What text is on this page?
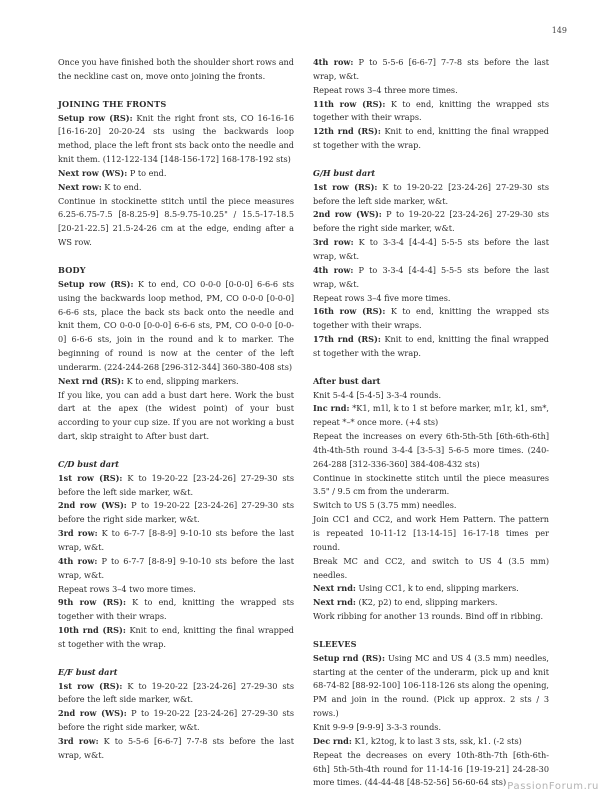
149

Once you have finished both the shoulder short rows and the neckline cast on, move onto joining the fronts.

JOINING THE FRONTS

Setup row (RS): Knit the right front sts, CO 16-16-16 [16-16-20] 20-20-24 sts using the backwards loop method, place the left front sts back onto the needle and knit them. (112-122-134 [148-156-172] 168-178-192 sts)

Next row (WS): P to end.

Next row: K to end.

Continue in stockinette stitch until the piece measures 6.25-6.75-7.5 [8-8.25-9] 8.5-9.75-10.25" / 15.5-17-18.5 [20-21-22.5] 21.5-24-26 cm at the edge, ending after a WS row.

BODY

Setup row (RS): K to end, CO 0-0-0 [0-0-0] 6-6-6 sts using the backwards loop method, PM, CO 0-0-0 [0-0-0] 6-6-6 sts, place the back sts back onto the needle and knit them, CO 0-0-0 [0-0-0] 6-6-6 sts, PM, CO 0-0-0 [0-0-0] 6-6-6 sts, join in the round and k to marker. The beginning of round is now at the center of the left underarm. (224-244-268 [296-312-344] 360-380-408 sts)

Next rnd (RS): K to end, slipping markers.

If you like, you can add a bust dart here. Work the bust dart at the apex (the widest point) of your bust according to your cup size. If you are not working a bust dart, skip straight to After bust dart.

C/D bust dart

1st row (RS): K to 19-20-22 [23-24-26] 27-29-30 sts before the left side marker, w&t.

2nd row (WS): P to 19-20-22 [23-24-26] 27-29-30 sts before the right side marker, w&t.

3rd row: K to 6-7-7 [8-8-9] 9-10-10 sts before the last wrap, w&t.

4th row: P to 6-7-7 [8-8-9] 9-10-10 sts before the last wrap, w&t.

Repeat rows 3–4 two more times.

9th row (RS): K to end, knitting the wrapped sts together with their wraps.

10th rnd (RS): Knit to end, knitting the final wrapped st together with the wrap.

E/F bust dart

1st row (RS): K to 19-20-22 [23-24-26] 27-29-30 sts before the left side marker, w&t.

2nd row (WS): P to 19-20-22 [23-24-26] 27-29-30 sts before the right side marker, w&t.

3rd row: K to 5-5-6 [6-6-7] 7-7-8 sts before the last wrap, w&t.

4th row: P to 5-5-6 [6-6-7] 7-7-8 sts before the last wrap, w&t.

Repeat rows 3–4 three more times.

11th row (RS): K to end, knitting the wrapped sts together with their wraps.

12th rnd (RS): Knit to end, knitting the final wrapped st together with the wrap.

G/H bust dart

1st row (RS): K to 19-20-22 [23-24-26] 27-29-30 sts before the left side marker, w&t.

2nd row (WS): P to 19-20-22 [23-24-26] 27-29-30 sts before the right side marker, w&t.

3rd row: K to 3-3-4 [4-4-4] 5-5-5 sts before the last wrap, w&t.

4th row: P to 3-3-4 [4-4-4] 5-5-5 sts before the last wrap, w&t.

Repeat rows 3–4 five more times.

16th row (RS): K to end, knitting the wrapped sts together with their wraps.

17th rnd (RS): Knit to end, knitting the final wrapped st together with the wrap.

After bust dart

Knit 5-4-4 [5-4-5] 3-3-4 rounds.

Inc rnd: *K1, m1l, k to 1 st before marker, m1r, k1, sm*, repeat *–* once more. (+4 sts)

Repeat the increases on every 6th-5th-5th [6th-6th-6th] 4th-4th-5th round 3-4-4 [3-5-3] 5-6-5 more times. (240-264-288 [312-336-360] 384-408-432 sts)

Continue in stockinette stitch until the piece measures 3.5" / 9.5 cm from the underarm.

Switch to US 5 (3.75 mm) needles.

Join CC1 and CC2, and work Hem Pattern. The pattern is repeated 10-11-12 [13-14-15] 16-17-18 times per round.

Break MC and CC2, and switch to US 4 (3.5 mm) needles.

Next rnd: Using CC1, k to end, slipping markers.

Next rnd: (K2, p2) to end, slipping markers.

Work ribbing for another 13 rounds. Bind off in ribbing.

SLEEVES

Setup rnd (RS): Using MC and US 4 (3.5 mm) needles, starting at the center of the underarm, pick up and knit 68-74-82 [88-92-100] 106-118-126 sts along the opening, PM and join in the round. (Pick up approx. 2 sts / 3 rows.)

Knit 9-9-9 [9-9-9] 3-3-3 rounds.

Dec rnd: K1, k2tog, k to last 3 sts, ssk, k1. (-2 sts)

Repeat the decreases on every 10th-8th-7th [6th-6th-6th] 5th-5th-4th round for 11-14-16 [19-19-21] 24-28-30 more times. (44-44-48 [48-52-56] 56-60-64 sts) PassionForum.ru
